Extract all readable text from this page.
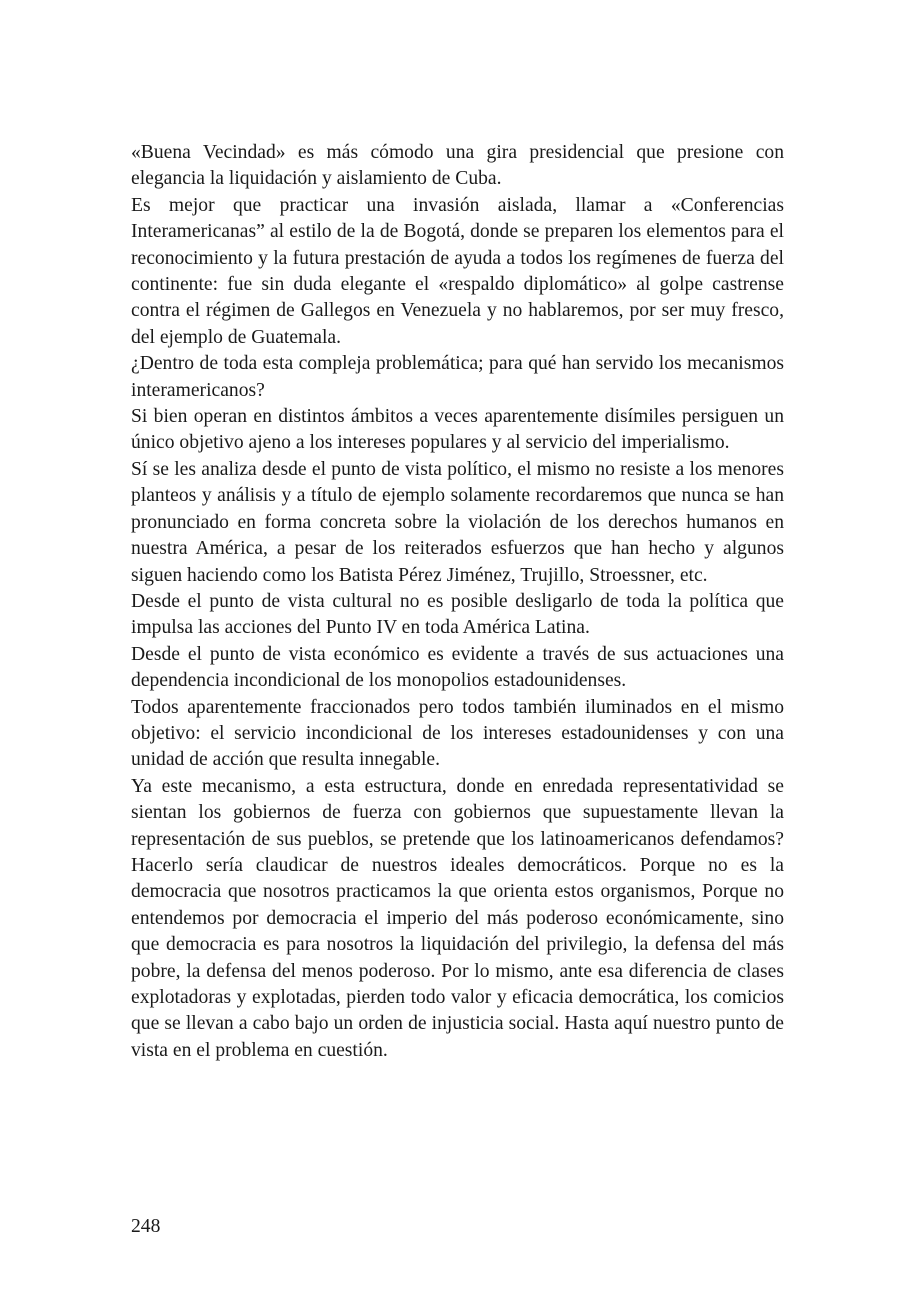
«Buena Vecindad» es más cómodo una gira presidencial que presione con elegancia la liquidación y aislamiento de Cuba.

Es mejor que practicar una invasión aislada, llamar a «Conferencias Interamericanas” al estilo de la de Bogotá, donde se preparen los elementos para el reconocimiento y la futura prestación de ayuda a todos los regímenes de fuerza del continente: fue sin duda elegante el «respaldo diplomático» al golpe castrense contra el régimen de Gallegos en Venezuela y no hablaremos, por ser muy fresco, del ejemplo de Guatemala.

¿Dentro de toda esta compleja problemática; para qué han servido los mecanismos interamericanos?

Si bien operan en distintos ámbitos a veces aparentemente disímiles persiguen un único objetivo ajeno a los intereses populares y al servicio del imperialismo.

Sí se les analiza desde el punto de vista político, el mismo no resiste a los menores planteos y análisis y a título de ejemplo solamente recordaremos que nunca se han pronunciado en forma concreta sobre la violación de los derechos humanos en nuestra América, a pesar de los reiterados esfuerzos que han hecho y algunos siguen haciendo como los Batista Pérez Jiménez, Trujillo, Stroessner, etc.

Desde el punto de vista cultural no es posible desligarlo de toda la política que impulsa las acciones del Punto IV en toda América Latina.

Desde el punto de vista económico es evidente a través de sus actuaciones una dependencia incondicional de los monopolios estadounidenses.

Todos aparentemente fraccionados pero todos también iluminados en el mismo objetivo: el servicio incondicional de los intereses estadounidenses y con una unidad de acción que resulta innegable.

Ya este mecanismo, a esta estructura, donde en enredada representatividad se sientan los gobiernos de fuerza con gobiernos que supuestamente llevan la representación de sus pueblos, se pretende que los latinoamericanos defendamos? Hacerlo sería claudicar de nuestros ideales democráticos. Porque no es la democracia que nosotros practicamos la que orienta estos organismos, Porque no entendemos por democracia el imperio del más poderoso económicamente, sino que democracia es para nosotros la liquidación del privilegio, la defensa del más pobre, la defensa del menos poderoso. Por lo mismo, ante esa diferencia de clases explotadoras y explotadas, pierden todo valor y eficacia democrática, los comicios que se llevan a cabo bajo un orden de injusticia social. Hasta aquí nuestro punto de vista en el problema en cuestión.

248
